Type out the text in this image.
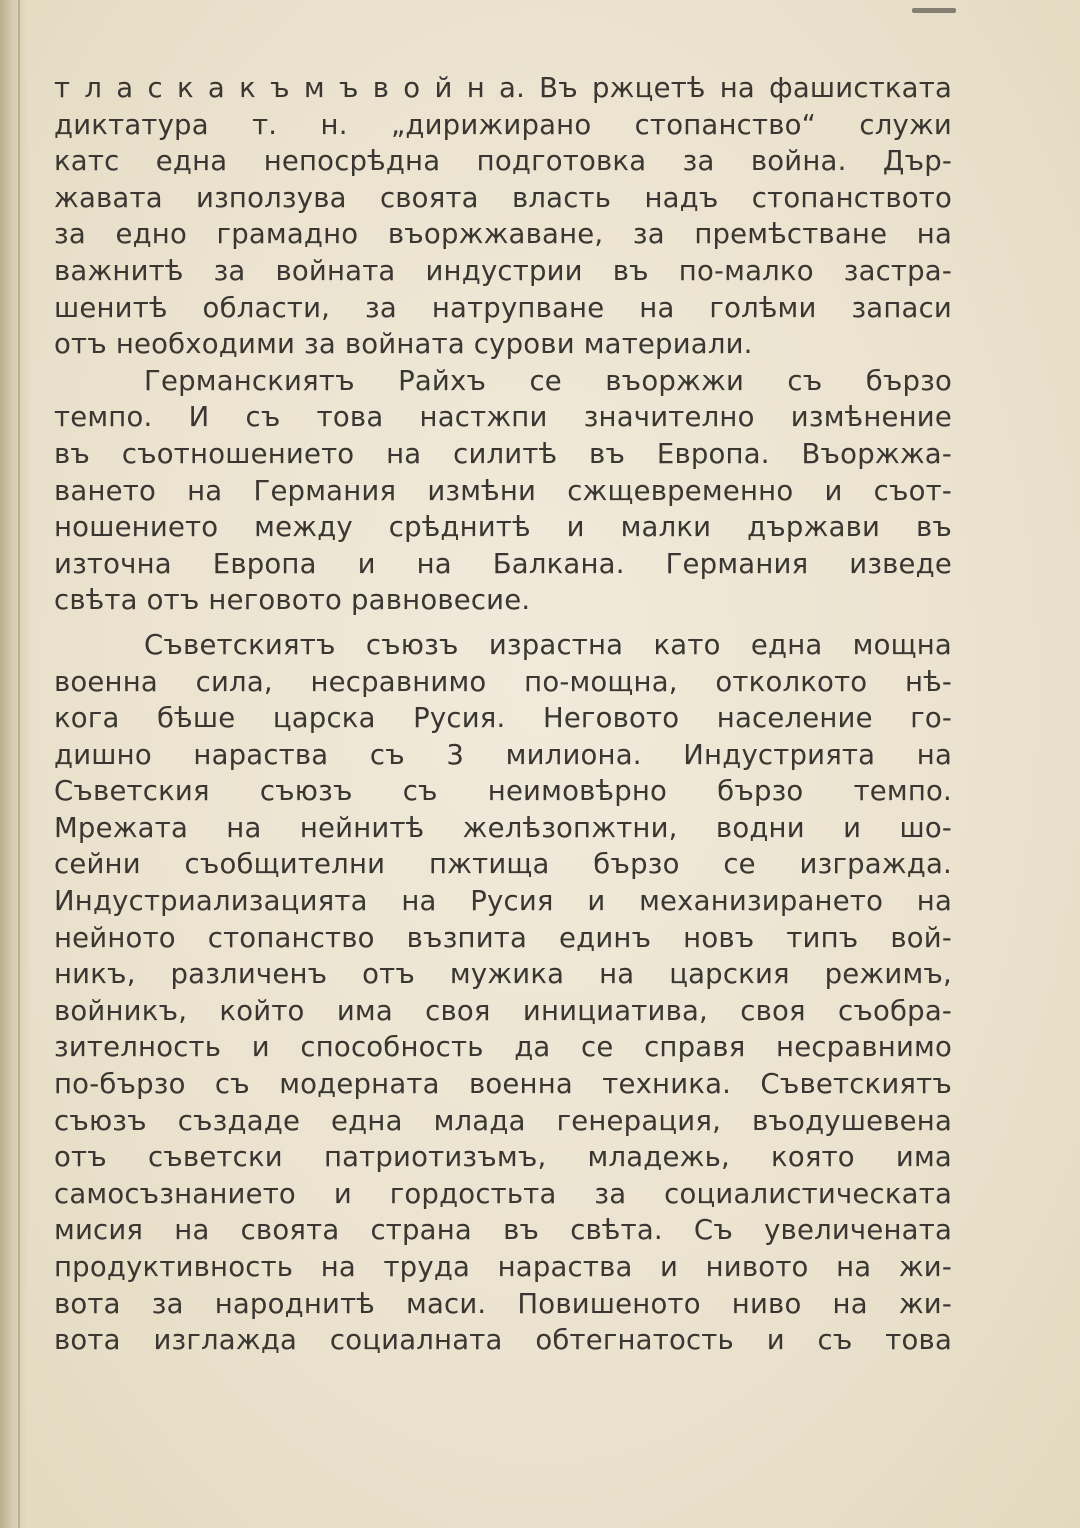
т л а с к а к ъ м ъ в о й н а. Въ ржцетѣ на фашистката
диктатура т. н. „дирижирано стопанство“ служи
катс една непосрѣдна подготовка за война. Дър-
жавата използува своята власть надъ стопанството
за едно грамадно въоржжаване, за премѣстване на
важнитѣ за войната индустрии въ по-малко застра-
шенитѣ области, за натрупване на голѣми запаси
отъ необходими за войната сурови материали.
Германскиятъ Райхъ се въоржжи съ бързо
темпо. И съ това настжпи значително измѣнение
въ съотношението на силитѣ въ Европа. Въоржжа-
ването на Германия измѣни сжщевременно и съот-
ношението между срѣднитѣ и малки държави въ
източна Европа и на Балкана. Германия изведе
свѣта отъ неговото равновесие.
Съветскиятъ съюзъ израстна като една мощна
военна сила, несравнимо по-мощна, отколкото нѣ-
кога бѣше царска Русия. Неговото население го-
дишно нараства съ 3 милиона. Индустрията на
Съветския съюзъ съ неимовѣрно бързо темпо.
Мрежата на нейнитѣ желѣзопжтни, водни и шо-
сейни съобщителни пжтища бързо се изгражда.
Индустриализацията на Русия и механизирането на
нейното стопанство възпита единъ новъ типъ вой-
никъ, различенъ отъ мужика на царския режимъ,
войникъ, който има своя инициатива, своя съобра-
зителность и способность да се справя несравнимо
по-бързо съ модерната военна техника. Съветскиятъ
съюзъ създаде една млада генерация, въодушевена
отъ съветски патриотизъмъ, младежь, която има
самосъзнанието и гордостьта за социалистическата
мисия на своята страна въ свѣта. Съ увеличената
продуктивность на труда нараства и нивото на жи-
вота за народнитѣ маси. Повишеното ниво на жи-
вота изглажда социалната обтегнатость и съ това
